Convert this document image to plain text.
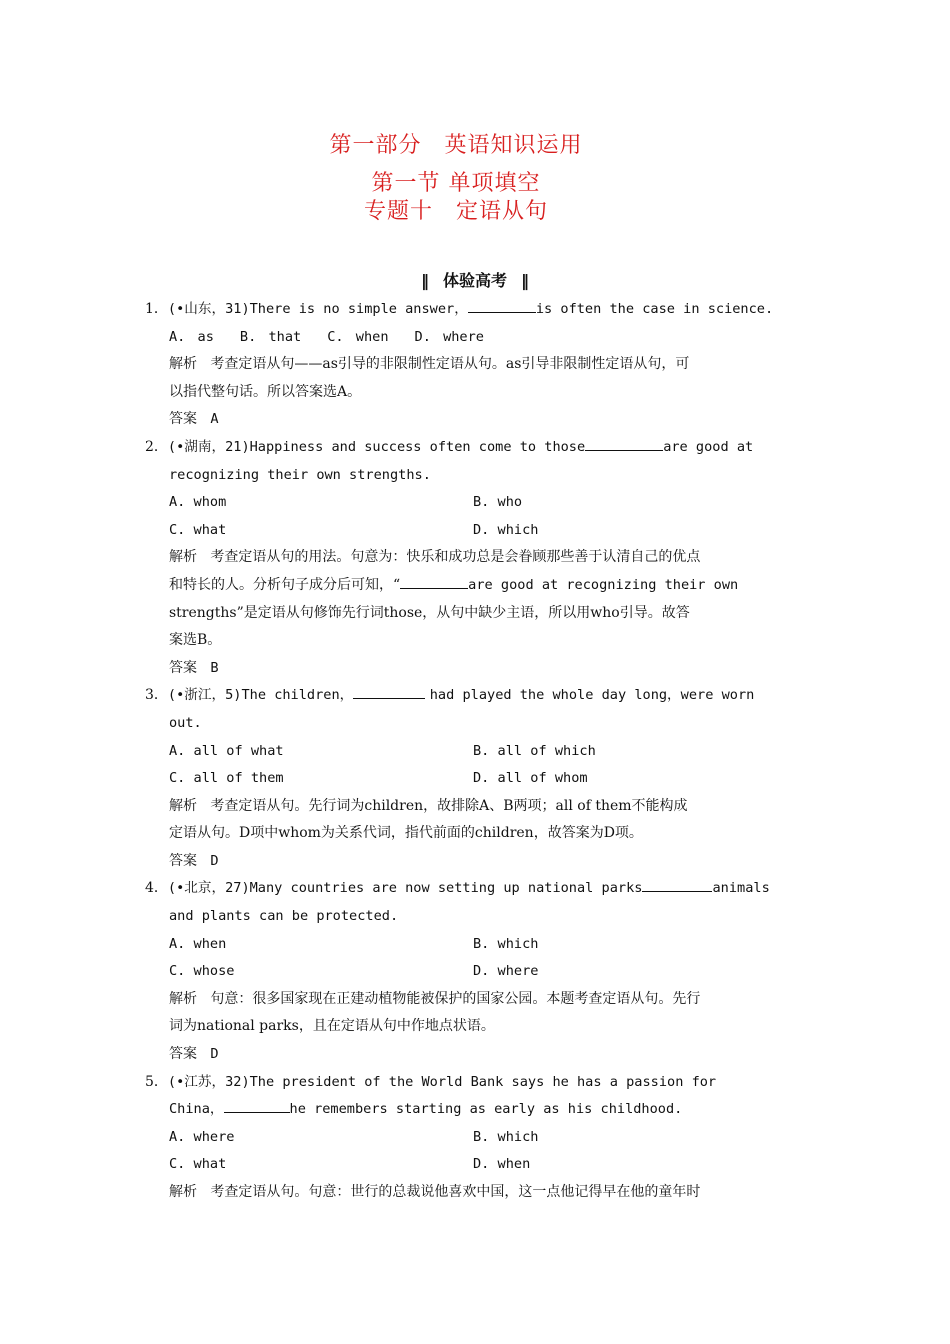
第一部分　英语知识运用
第一节 单项填空
专题十　定语从句
‖ 体验高考 ‖
1．(•山东，31)There is no simple answer，	is often the case in science.
A. as B. that C. when D. where
解析 考查定语从句——as引导的非限制性定语从句。as引导非限制性定语从句，可
以指代整句话。所以答案选A。
答案 A
2．(•湖南，21)Happiness and success often come to those	are good at
recognizing their own strengths.
A. whom	B. who
C. what	D. which
解析 考查定语从句的用法。句意为：快乐和成功总是会眷顾那些善于认清自己的优点
和特长的人。分析句子成分后可知，“	are good at recognizing their own
strengths”是定语从句修饰先行词those，从句中缺少主语，所以用who引导。故答
案选B。
答案 B
3．(•浙江，5)The children，	had played the whole day long，were worn
out.
A. all of what	B. all of which
C. all of them	D. all of whom
解析 考查定语从句。先行词为children，故排除A、B两项；all of them不能构成
定语从句。D项中whom为关系代词，指代前面的children，故答案为D项。
答案 D
4．(•北京，27)Many countries are now setting up national parks	animals
and plants can be protected.
A. when	B. which
C. whose	D. where
解析 句意：很多国家现在正建动植物能被保护的国家公园。本题考查定语从句。先行
词为national parks，且在定语从句中作地点状语。
答案 D
5．(•江苏，32)The president of the World Bank says he has a passion for
China，	he remembers starting as early as his childhood.
A. where	B. which
C. what	D. when
解析 考查定语从句。句意：世行的总裁说他喜欢中国，这一点他记得早在他的童年时
